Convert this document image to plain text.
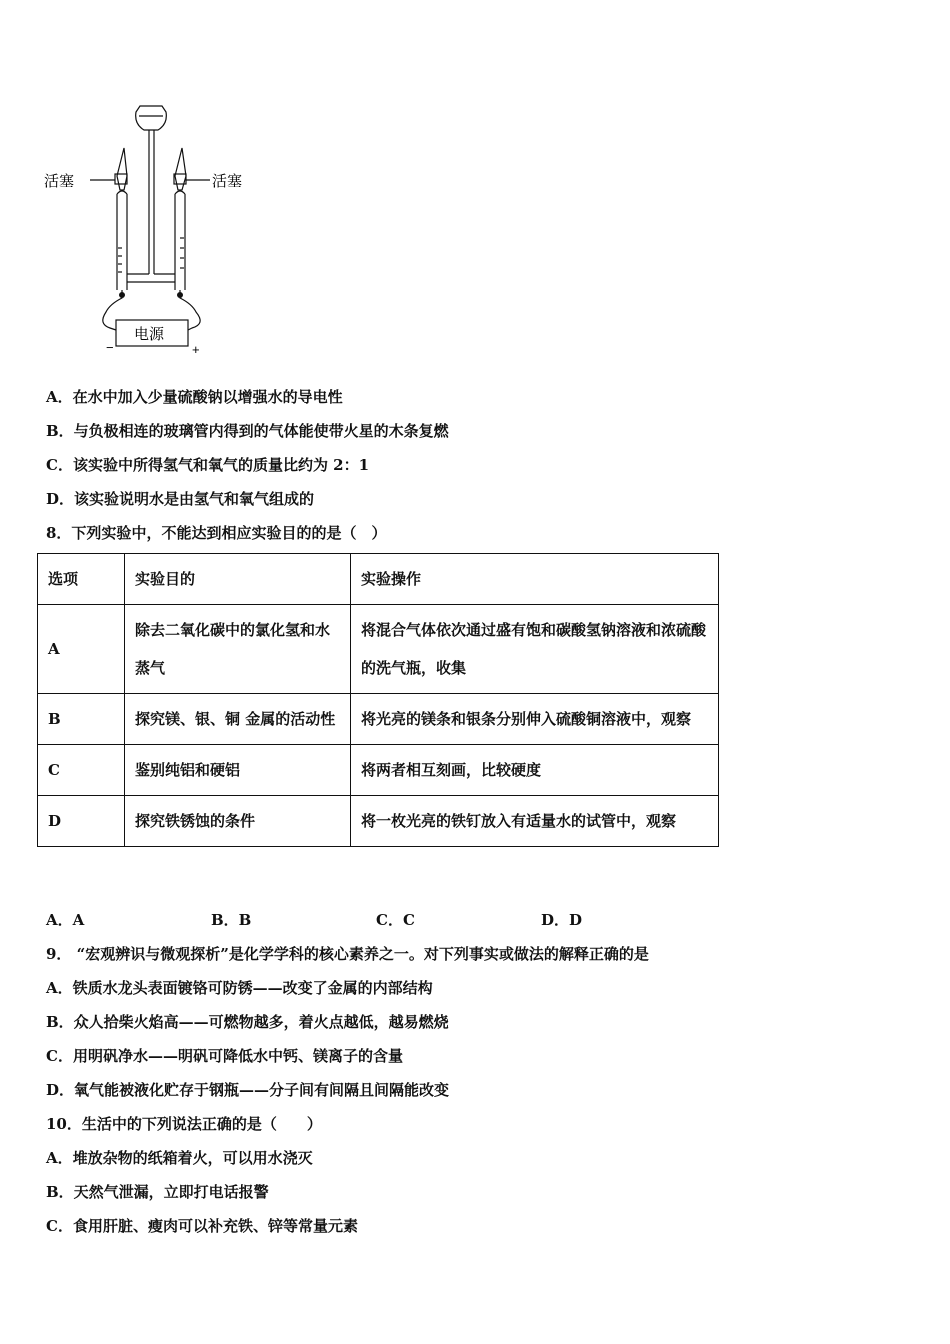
活塞	活塞
电源
−	+
A．在水中加入少量硫酸钠以增强水的导电性
B．与负极相连的玻璃管内得到的气体能使带火星的木条复燃
C．该实验中所得氢气和氧气的质量比约为 2：1
D．该实验说明水是由氢气和氧气组成的
8．下列实验中，不能达到相应实验目的的是（　）
选项	实验目的	实验操作
A	除去二氧化碳中的氯化氢和水蒸气	将混合气体依次通过盛有饱和碳酸氢钠溶液和浓硫酸的洗气瓶，收集
B	探究镁、银、铜 金属的活动性	将光亮的镁条和银条分别伸入硫酸铜溶液中，观察
C	鉴别纯铝和硬铝	将两者相互刻画，比较硬度
D	探究铁锈蚀的条件	将一枚光亮的铁钉放入有适量水的试管中，观察
A．A	B．B	C．C	D．D
9． “宏观辨识与微观探析”是化学学科的核心素养之一。对下列事实或做法的解释正确的是
A．铁质水龙头表面镀铬可防锈——改变了金属的内部结构
B．众人拾柴火焰高——可燃物越多，着火点越低，越易燃烧
C．用明矾净水——明矾可降低水中钙、镁离子的含量
D．氧气能被液化贮存于钢瓶——分子间有间隔且间隔能改变
10．生活中的下列说法正确的是（　　）
A．堆放杂物的纸箱着火，可以用水浇灭
B．天然气泄漏，立即打电话报警
C．食用肝脏、瘦肉可以补充铁、锌等常量元素
